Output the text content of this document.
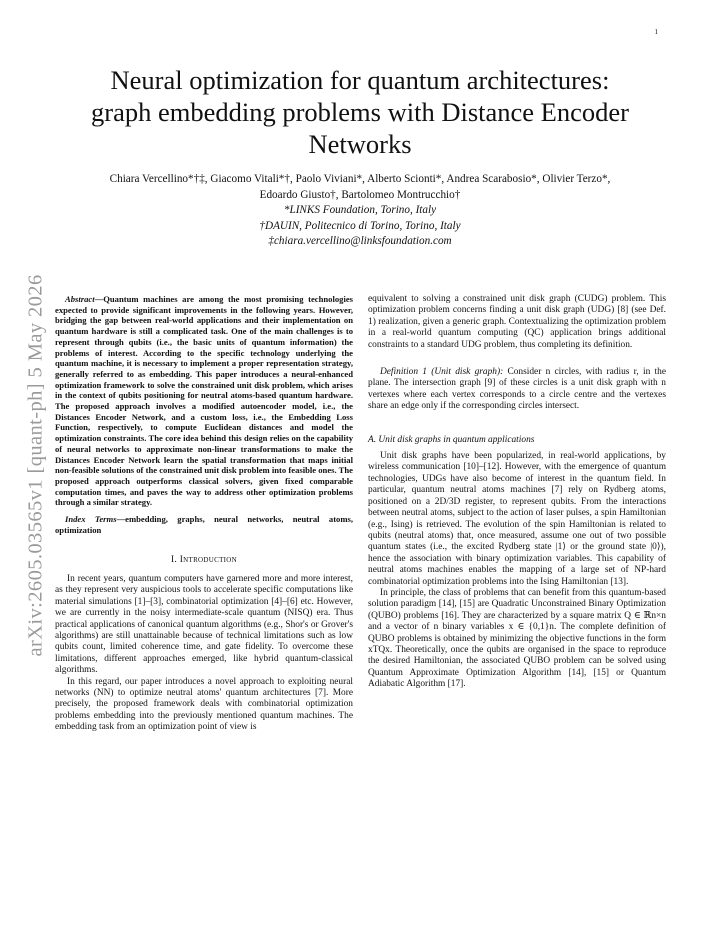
1
arXiv:2605.03565v1 [quant-ph] 5 May 2026
Neural optimization for quantum architectures:
graph embedding problems with Distance Encoder
Networks
Chiara Vercellino*†‡, Giacomo Vitali*†, Paolo Viviani*, Alberto Scionti*, Andrea Scarabosio*, Olivier Terzo*,
Edoardo Giusto†, Bartolomeo Montrucchio†
*LINKS Foundation, Torino, Italy
†DAUIN, Politecnico di Torino, Torino, Italy
‡chiara.vercellino@linksfoundation.com

Abstract—Quantum machines are among the most promising technologies expected to provide significant improvements in the following years. However, bridging the gap between real-world applications and their implementation on quantum hardware is still a complicated task. One of the main challenges is to represent through qubits (i.e., the basic units of quantum information) the problems of interest. According to the specific technology underlying the quantum machine, it is necessary to implement a proper representation strategy, generally referred to as embedding. This paper introduces a neural-enhanced optimization framework to solve the constrained unit disk problem, which arises in the context of qubits positioning for neutral atoms-based quantum hardware. The proposed approach involves a modified autoencoder model, i.e., the Distances Encoder Network, and a custom loss, i.e., the Embedding Loss Function, respectively, to compute Euclidean distances and model the optimization constraints. The core idea behind this design relies on the capability of neural networks to approximate non-linear transformations to make the Distances Encoder Network learn the spatial transformation that maps initial non-feasible solutions of the constrained unit disk problem into feasible ones. The proposed approach outperforms classical solvers, given fixed comparable computation times, and paves the way to address other optimization problems through a similar strategy.

Index Terms—embedding, graphs, neural networks, neutral atoms, optimization

I. Introduction

In recent years, quantum computers have garnered more and more interest, as they represent very auspicious tools to accelerate specific computations like material simulations [1]–[3], combinatorial optimization [4]–[6] etc. However, we are currently in the noisy intermediate-scale quantum (NISQ) era. Thus practical applications of canonical quantum algorithms (e.g., Shor's or Grover's algorithms) are still unattainable because of technical limitations such as low qubits count, limited coherence time, and gate fidelity. To overcome these limitations, different approaches emerged, like hybrid quantum-classical algorithms.

In this regard, our paper introduces a novel approach to exploiting neural networks (NN) to optimize neutral atoms' quantum architectures [7]. More precisely, the proposed framework deals with combinatorial optimization problems embedding into the previously mentioned quantum machines. The embedding task from an optimization point of view is

equivalent to solving a constrained unit disk graph (CUDG) problem. This optimization problem concerns finding a unit disk graph (UDG) [8] (see Def. 1) realization, given a generic graph. Contextualizing the optimization problem in a real-world quantum computing (QC) application brings additional constraints to a standard UDG problem, thus completing its definition.

Definition 1 (Unit disk graph): Consider n circles, with radius r, in the plane. The intersection graph [9] of these circles is a unit disk graph with n vertexes where each vertex corresponds to a circle centre and the vertexes share an edge only if the corresponding circles intersect.

A. Unit disk graphs in quantum applications

Unit disk graphs have been popularized, in real-world applications, by wireless communication [10]–[12]. However, with the emergence of quantum technologies, UDGs have also become of interest in the quantum field. In particular, quantum neutral atoms machines [7] rely on Rydberg atoms, positioned on a 2D/3D register, to represent qubits. From the interactions between neutral atoms, subject to the action of laser pulses, a spin Hamiltonian (e.g., Ising) is retrieved. The evolution of the spin Hamiltonian is related to qubits (neutral atoms) that, once measured, assume one out of two possible quantum states (i.e., the excited Rydberg state |1⟩ or the ground state |0⟩), hence the association with binary optimization variables. This capability of neutral atoms machines enables the mapping of a large set of NP-hard combinatorial optimization problems into the Ising Hamiltonian [13].

In principle, the class of problems that can benefit from this quantum-based solution paradigm [14], [15] are Quadratic Unconstrained Binary Optimization (QUBO) problems [16]. They are characterized by a square matrix Q ∈ ℝn×n and a vector of n binary variables x ∈ {0,1}n. The complete definition of QUBO problems is obtained by minimizing the objective functions in the form xTQx. Theoretically, once the qubits are organised in the space to reproduce the desired Hamiltonian, the associated QUBO problem can be solved using Quantum Approximate Optimization Algorithm [14], [15] or Quantum Adiabatic Algorithm [17].
